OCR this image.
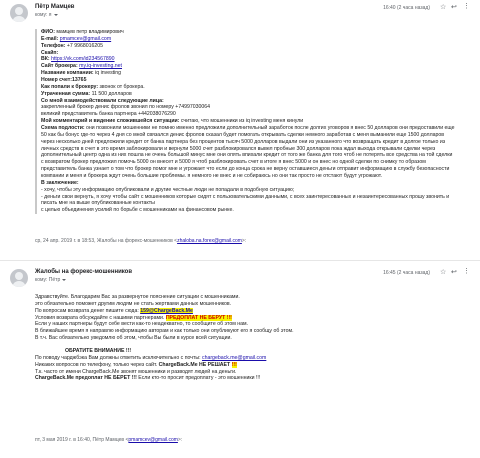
Пётр Мамцев
кому: я
16:40 (2 часа назад) ☆ ↩ ⋮
ФИО: мамцев петр владимирович
E-mail: pmamcev@gmail.com
Телефон: +7 9968016205
Скайп:
ВК: https://vk.com/id234567890
Сайт брокера: my.iq-investing.net
Название компании: iq investing
Номер счет:13765
Как попали к брокеру: звонок от брокера.
Утраченная сумма: 11 500 долларов
Со мной взаимодействовали следующие лица:
закрепленный брокер денис фролов звонил по номеру +74997030064
великий представитель банка партнера +442038076290
Мой комментарий и видение сложившейся ситуации: считаю, что мошенники из iq investing меня кинули
Схема подлости: они позвонили мошенники не помню именно предложили дополнительный заработок после долгих уговоров я внес 50 долларов они предоставили еще 50 как бы бонус где-то через 4 дня со мной связался денис фролов сказал будет помогать открывать сделки немного заработав с меня выманили еще 1500 долларов через несколько дней предложили кредит от банка партнера без процентов тысяч 5000 долларов выдали они из указанного что возвращать кредит в долгое только из личных средств в счет в это время заблокировали и вернули 5000 счет разблокировался вывел пробные 300 долларов пока ждал выхода открывали сделки через дополнительный центр одна из них пошла не очень большой минус мне они опять впихали кредит от того же банка для того чтоб не потерять все средства на той сделки с возвратом брокер предложил помочь 5000 он внесет и 5000 я чтоб разблокировать счет в итоге я внес 5000 и он внес но одной сделки по снимку то образом представитель банка узнает о том что брокер помог мне и угрожает что если до конца срока не верну оставшиеся деньги отправит информацию в службу безопасности компании и меня и брокера ждут очень большие проблемы. я немного не внес и не собираюсь но они так просто не отстают будут угрожают.
В заключение:
- хочу, чтобы эту информацию опубликовали и другие честные люди не попадали в подобную ситуацию;
- деньги свои вернуть, я хочу чтобы сайт с мошенников которые сидят с пользовательскими данными, с всех заинтересованных и незаинтересованных прошу звонить и писать мне на выше опубликованные контакты
с целью объединения усилий по борьбе с мошенниками на финансовом рынке.
ср, 24 апр. 2019 г. в 18:53, Жалобы на форекс-мошенников <zhaloba.na.forex@gmail.com>:
Жалобы на форекс-мошенников
кому: Пётр
16:45 (2 часа назад) ☆ ↩ ⋮
Здравствуйте. Благодарим Вас за развернутое пояснение ситуации с мошенниками.
это обязательно поможет другим людям не стать жертвами данных мошенников.
По вопросам возврата денег пишите сюда: 159@ChargeBack.Me
Условия возврата обсуждайте с нашими партнерами. ПРЕДОПЛАТ НЕ БЕРУТ !!!
Если у наших партнеры будут себе вести как-то неадекватно, то сообщите об этом нам.
В ближайшее время я направлю информацию авторам и как только они опубликуют его я сообщу об этом.
В т.ч. Вас обязательно уведомлю об этом, чтобы Вы были в курсе всей ситуации.
ОБРАТИТЕ ВНИМАНИЕ !!!
По поводу чарджбэка Вам должны ответить исключительно с почты: chargeback.me@gmail.com
Никаких вопросов по телефону, только через сайт. ChargeBack.Me НЕ РЕШАЕТ !!!
Т.к. часто от имени ChargeBack.Me звонят мошенники и разводят людей на деньги.
ChargeBack.Me предоплат НЕ БЕРЕТ !!! Если кто-то просит предоплату - это мошенники !!!
пт, 3 мая 2019 г. в 16:40, Пётр Мамцев <pmamcev@gmail.com>:
